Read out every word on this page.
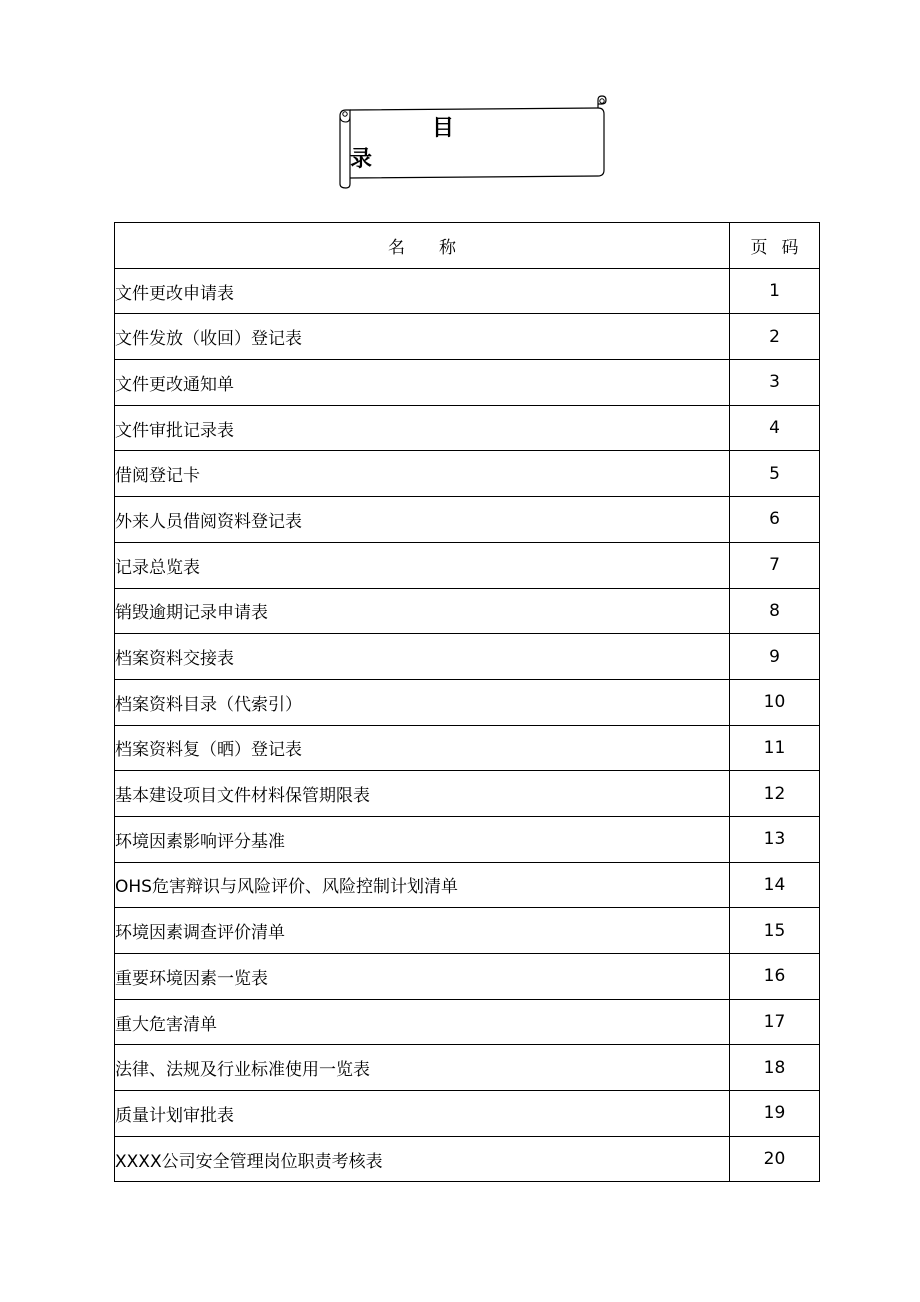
目 录
名称	页码
文件更改申请表	1
文件发放（收回）登记表	2
文件更改通知单	3
文件审批记录表	4
借阅登记卡	5
外来人员借阅资料登记表	6
记录总览表	7
销毁逾期记录申请表	8
档案资料交接表	9
档案资料目录（代索引）	10
档案资料复（晒）登记表	11
基本建设项目文件材料保管期限表	12
环境因素影响评分基准	13
OHS危害辩识与风险评价、风险控制计划清单	14
环境因素调查评价清单	15
重要环境因素一览表	16
重大危害清单	17
法律、法规及行业标准使用一览表	18
质量计划审批表	19
XXXX公司安全管理岗位职责考核表	20
